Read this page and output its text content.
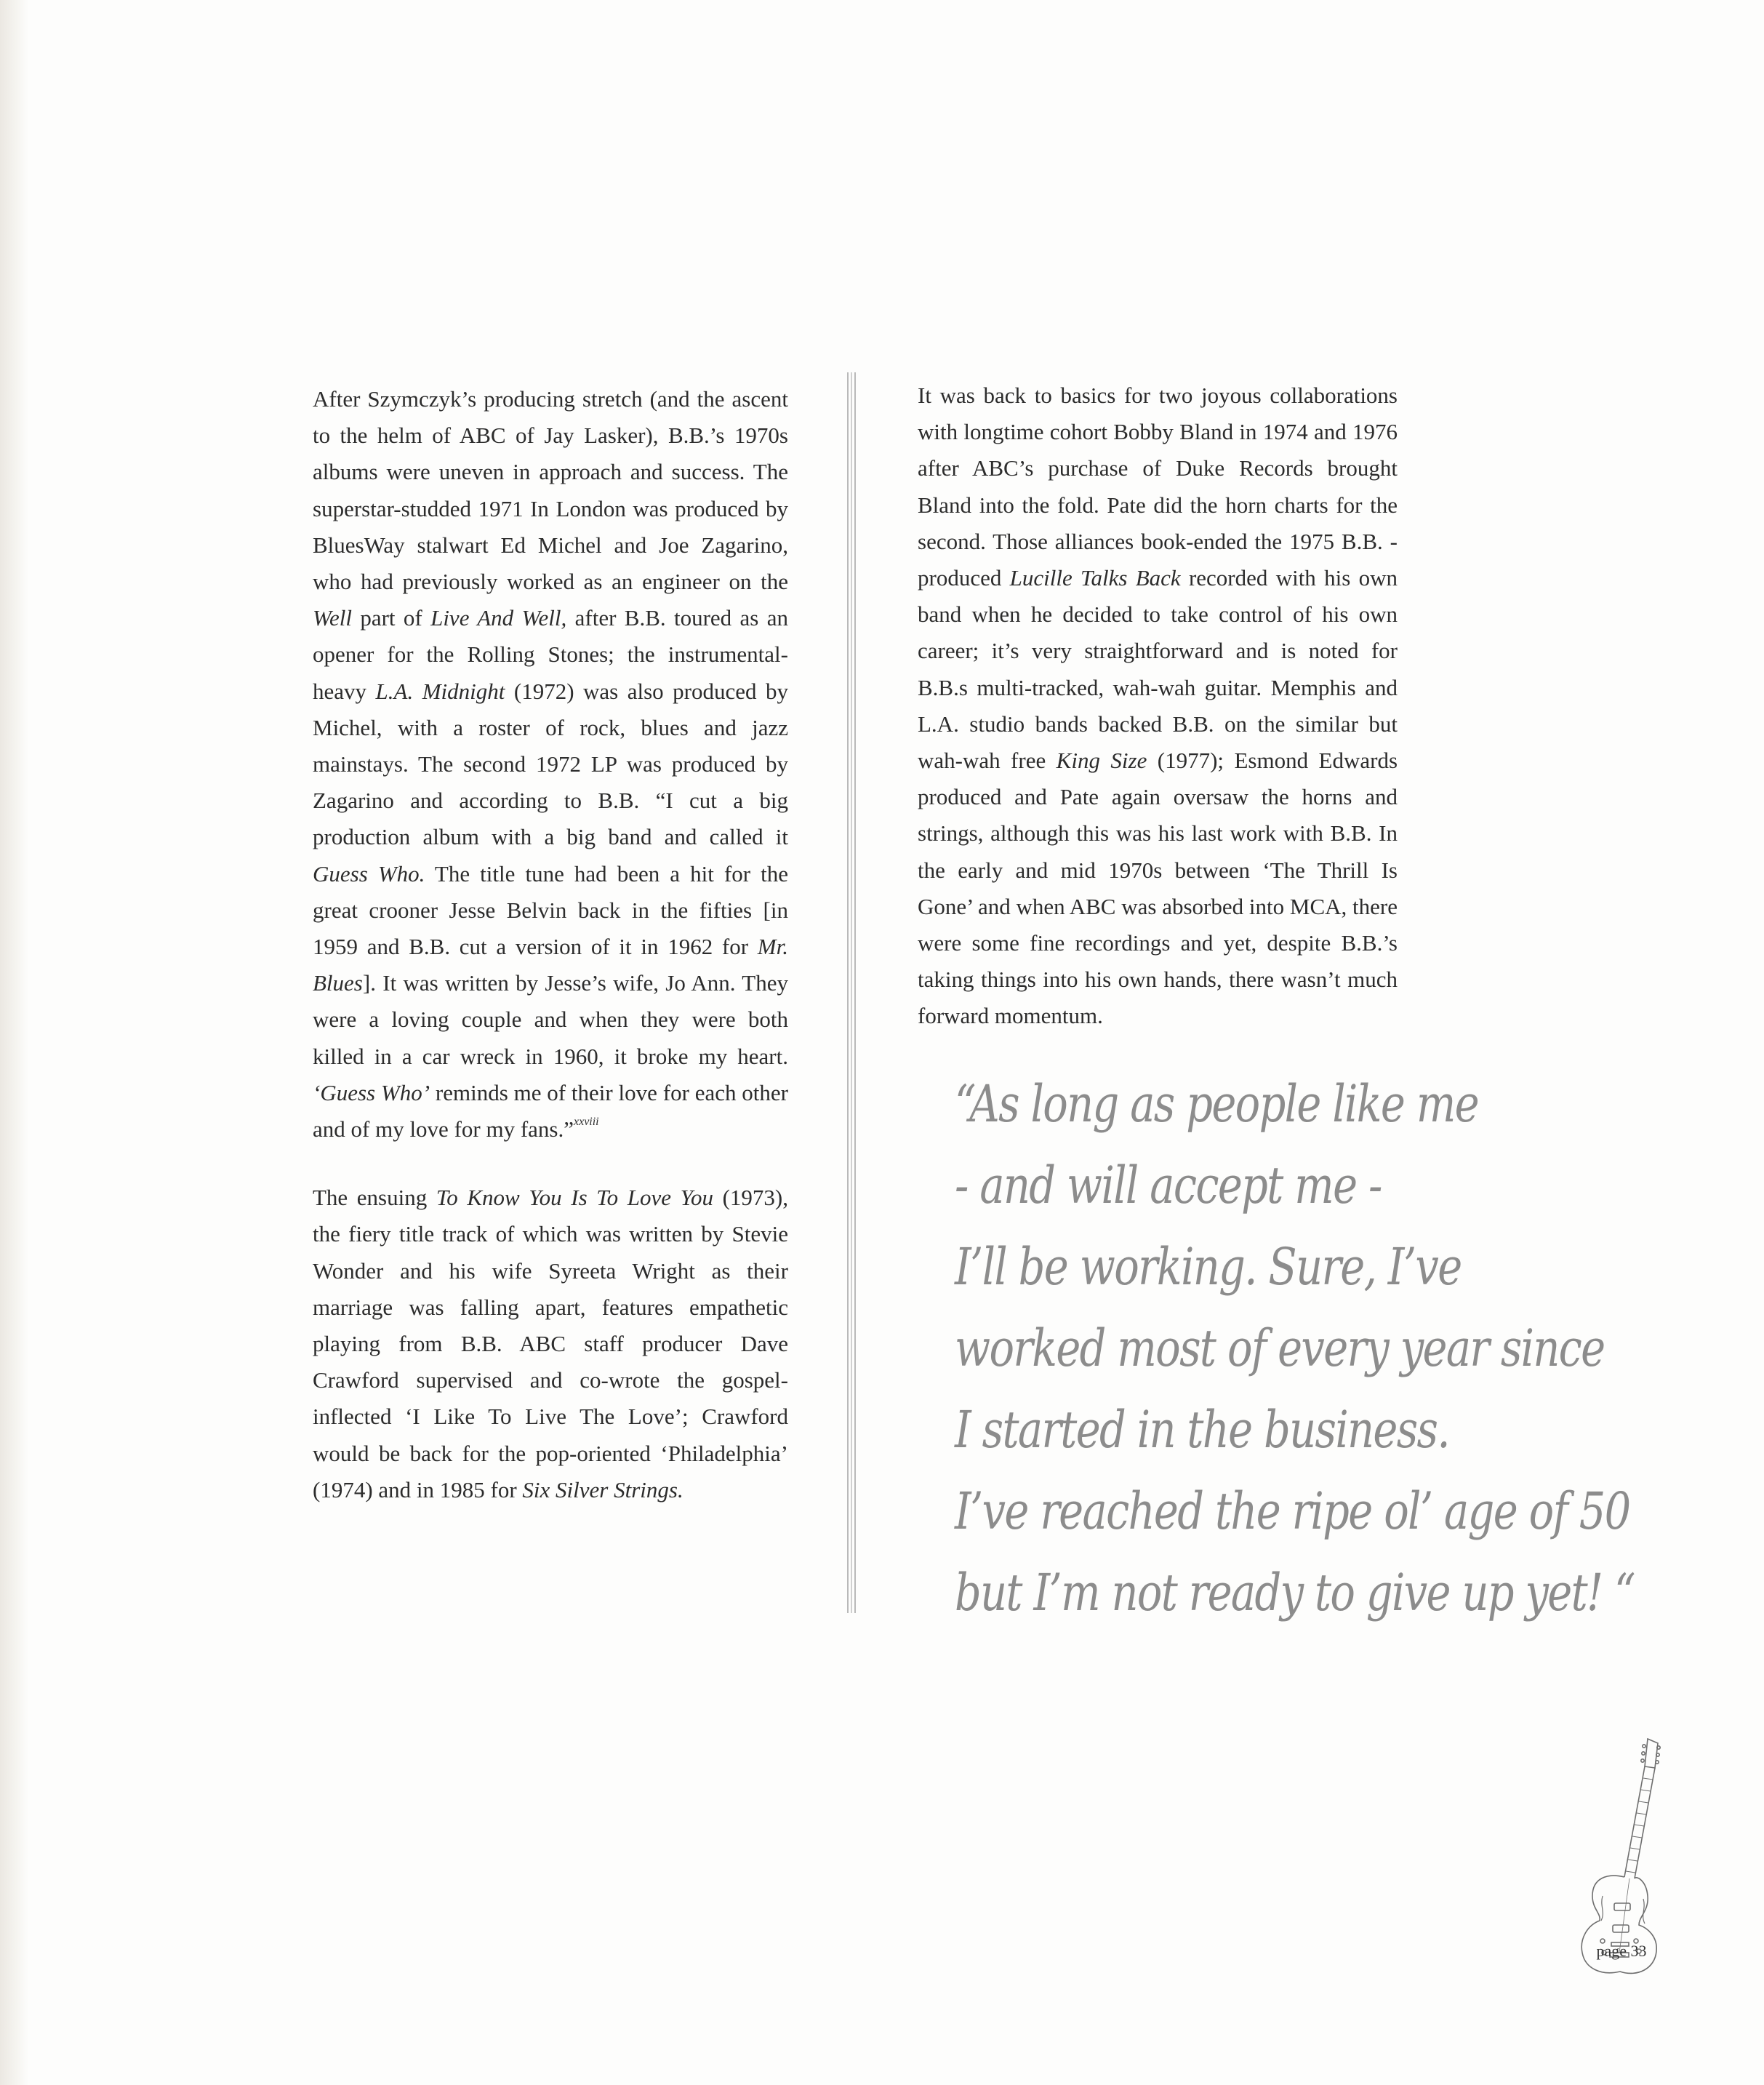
After Szymczyk’s producing stretch (and the ascent to the helm of ABC of Jay Lasker), B.B.’s 1970s albums were uneven in approach and success. The superstar-studded 1971 In London was produced by BluesWay stalwart Ed Michel and Joe Zagarino, who had previously worked as an engineer on the Well part of Live And Well, after B.B. toured as an opener for the Rolling Stones; the instrumental-heavy L.A. Midnight (1972) was also produced by Michel, with a roster of rock, blues and jazz mainstays. The second 1972 LP was produced by Zagarino and according to B.B. “I cut a big production album with a big band and called it Guess Who. The title tune had been a hit for the great crooner Jesse Belvin back in the fifties [in 1959 and B.B. cut a version of it in 1962 for Mr. Blues]. It was written by Jesse’s wife, Jo Ann. They were a loving couple and when they were both killed in a car wreck in 1960, it broke my heart. ‘Guess Who’ reminds me of their love for each other and of my love for my fans.”$^{xxviii}$

The ensuing To Know You Is To Love You (1973), the fiery title track of which was written by Stevie Wonder and his wife Syreeta Wright as their marriage was falling apart, features empathetic playing from B.B. ABC staff producer Dave Crawford supervised and co-wrote the gospel-inflected ‘I Like To Live The Love’; Crawford would be back for the pop-oriented ‘Philadelphia’ (1974) and in 1985 for Six Silver Strings.

It was back to basics for two joyous collaborations with longtime cohort Bobby Bland in 1974 and 1976 after ABC’s purchase of Duke Records brought Bland into the fold. Pate did the horn charts for the second. Those alliances book-ended the 1975 B.B. - produced Lucille Talks Back recorded with his own band when he decided to take control of his own career; it’s very straightforward and is noted for B.B.s multi-tracked, wah-wah guitar. Memphis and L.A. studio bands backed B.B. on the similar but wah-wah free King Size (1977); Esmond Edwards produced and Pate again oversaw the horns and strings, although this was his last work with B.B. In the early and mid 1970s between ‘The Thrill Is Gone’ and when ABC was absorbed into MCA, there were some fine recordings and yet, despite B.B.’s taking things into his own hands, there wasn’t much forward momentum.

“As long as people like me
- and will accept me -
I’ll be working. Sure, I’ve
worked most of every year since
I started in the business.
I’ve reached the ripe ol’ age of 50
but I’m not ready to give up yet! “
page 33
